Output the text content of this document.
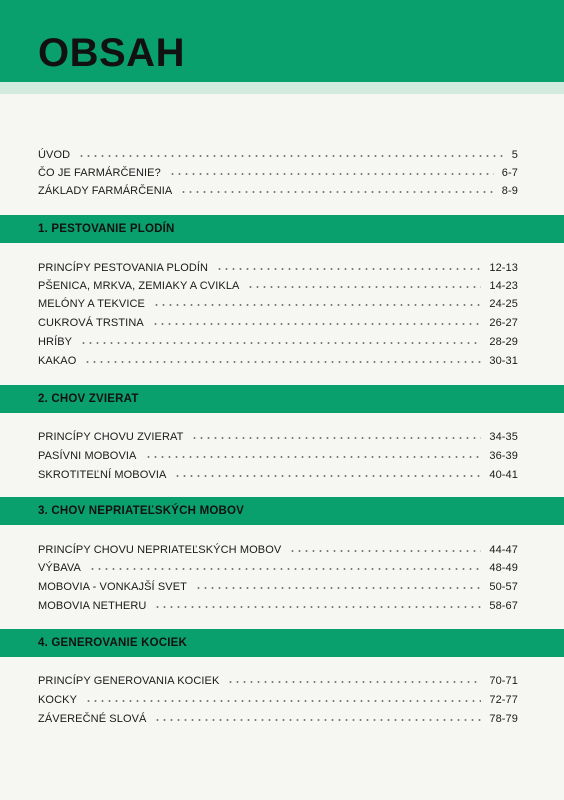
OBSAH
ÚVOD	5
ČO JE FARMÁRČENIE?	6-7
ZÁKLADY FARMÁRČENIA	8-9
1. PESTOVANIE PLODÍN
PRINCÍPY PESTOVANIA PLODÍN	12-13
PŠENICA, MRKVA, ZEMIAKY A CVIKLA	14-23
MELÓNY A TEKVICE	24-25
CUKROVÁ TRSTINA	26-27
HRÍBY	28-29
KAKAO	30-31
2. CHOV ZVIERAT
PRINCÍPY CHOVU ZVIERAT	34-35
PASÍVNI MOBOVIA	36-39
SKROTITEĽNÍ MOBOVIA	40-41
3. CHOV NEPRIATEĽSKÝCH MOBOV
PRINCÍPY CHOVU NEPRIATEĽSKÝCH MOBOV	44-47
VÝBAVA	48-49
MOBOVIA - VONKAJŠÍ SVET	50-57
MOBOVIA NETHERU	58-67
4. GENEROVANIE KOCIEK
PRINCÍPY GENEROVANIA KOCIEK	70-71
KOCKY	72-77
ZÁVEREČNÉ SLOVÁ	78-79
